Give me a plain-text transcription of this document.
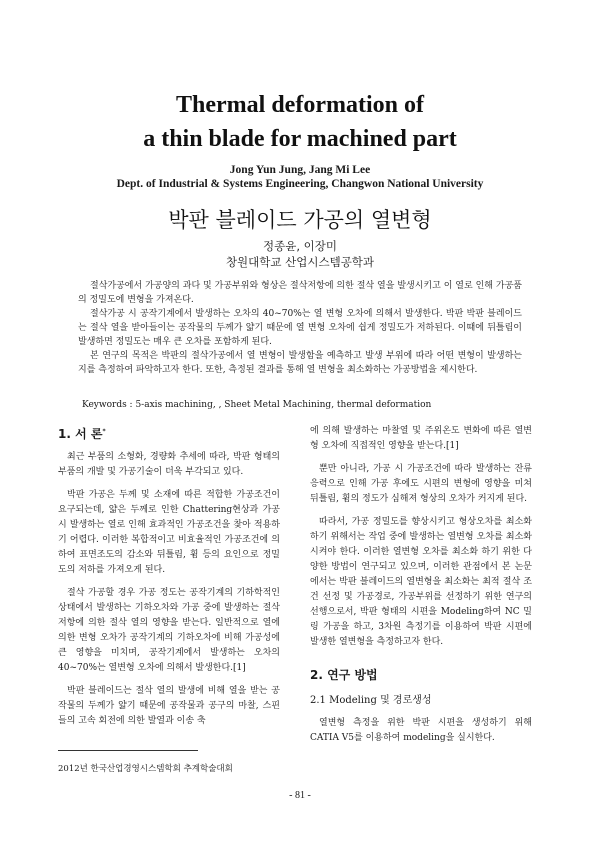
Thermal deformation of
a thin blade for machined part
Jong Yun Jung, Jang Mi Lee
Dept. of Industrial & Systems Engineering, Changwon National University
박판 블레이드 가공의 열변형
정종윤, 이장미
창원대학교 산업시스템공학과

절삭가공에서 가공양의 과다 및 가공부위와 형상은 절삭저항에 의한 절삭 열을 발생시키고 이 열로 인해 가공품의 정밀도에 변형을 가져온다.

절삭가공 시 공작기계에서 발생하는 오차의 40~70%는 열 변형 오차에 의해서 발생한다. 박판 박판 블레이드는 절삭 열을 받아들이는 공작물의 두께가 얇기 때문에 열 변형 오차에 쉽게 정밀도가 저하된다. 이때에 뒤틀림이 발생하면 정밀도는 매우 큰 오차를 포함하게 된다.

본 연구의 목적은 박판의 절삭가공에서 열 변형이 발생함을 예측하고 발생 부위에 따라 어떤 변형이 발생하는 지를 측정하여 파악하고자 한다. 또한, 측정된 결과를 통해 열 변형을 최소화하는 가공방법을 제시한다.

Keywords : 5-axis machining, , Sheet Metal Machining, thermal deformation
1. 서 론*

최근 부품의 소형화, 경량화 추세에 따라, 박판 형태의 부품의 개발 및 가공기술이 더욱 부각되고 있다.

박판 가공은 두께 및 소재에 따른 적합한 가공조건이 요구되는데, 얇은 두께로 인한 Chattering현상과 가공 시 발생하는 열로 인해 효과적인 가공조건을 찾아 적용하기 어렵다. 이러한 복합적이고 비효율적인 가공조건에 의하여 표면조도의 감소와 뒤틀림, 휨 등의 요인으로 정밀도의 저하를 가져오게 된다.

절삭 가공할 경우 가공 정도는 공작기계의 기하학적인 상태에서 발생하는 기하오차와 가공 중에 발생하는 절삭저항에 의한 절삭 열의 영향을 받는다. 일반적으로 열에 의한 변형 오차가 공작기계의 기하오차에 비해 가공성에 큰 영향을 미치며, 공작기계에서 발생하는 오차의 40~70%는 열변형 오차에 의해서 발생한다.[1]

박판 블레이드는 절삭 열의 발생에 비해 열을 받는 공작물의 두께가 얇기 때문에 공작물과 공구의 마찰, 스핀들의 고속 회전에 의한 발열과 이송 축

에 의해 발생하는 마찰열 및 주위온도 변화에 따른 열변형 오차에 직접적인 영향을 받는다.[1]

뿐만 아니라, 가공 시 가공조건에 따라 발생하는 잔류응력으로 인해 가공 후에도 시편의 변형에 영향을 미쳐 뒤틀림, 휨의 정도가 심해져 형상의 오차가 커지게 된다.

따라서, 가공 정밀도를 향상시키고 형상오차를 최소화 하기 위해서는 작업 중에 발생하는 열변형 오차를 최소화시켜야 한다. 이러한 열변형 오차를 최소화 하기 위한 다양한 방법이 연구되고 있으며, 이러한 관점에서 본 논문에서는 박판 블레이드의 열변형을 최소화는 최적 절삭 조건 선정 및 가공경로, 가공부위를 선정하기 위한 연구의 선행으로서, 박판 형태의 시편을 Modeling하여 NC 밀링 가공을 하고, 3차원 측정기를 이용하여 박판 시편에 발생한 열변형을 측정하고자 한다.

2. 연구 방법
2.1 Modeling 및 경로생성

열변형 측정을 위한 박판 시편을 생성하기 위해 CATIA V5를 이용하여 modeling을 실시한다.

2012년 한국산업경영시스템학회 추계학술대회
- 81 -
